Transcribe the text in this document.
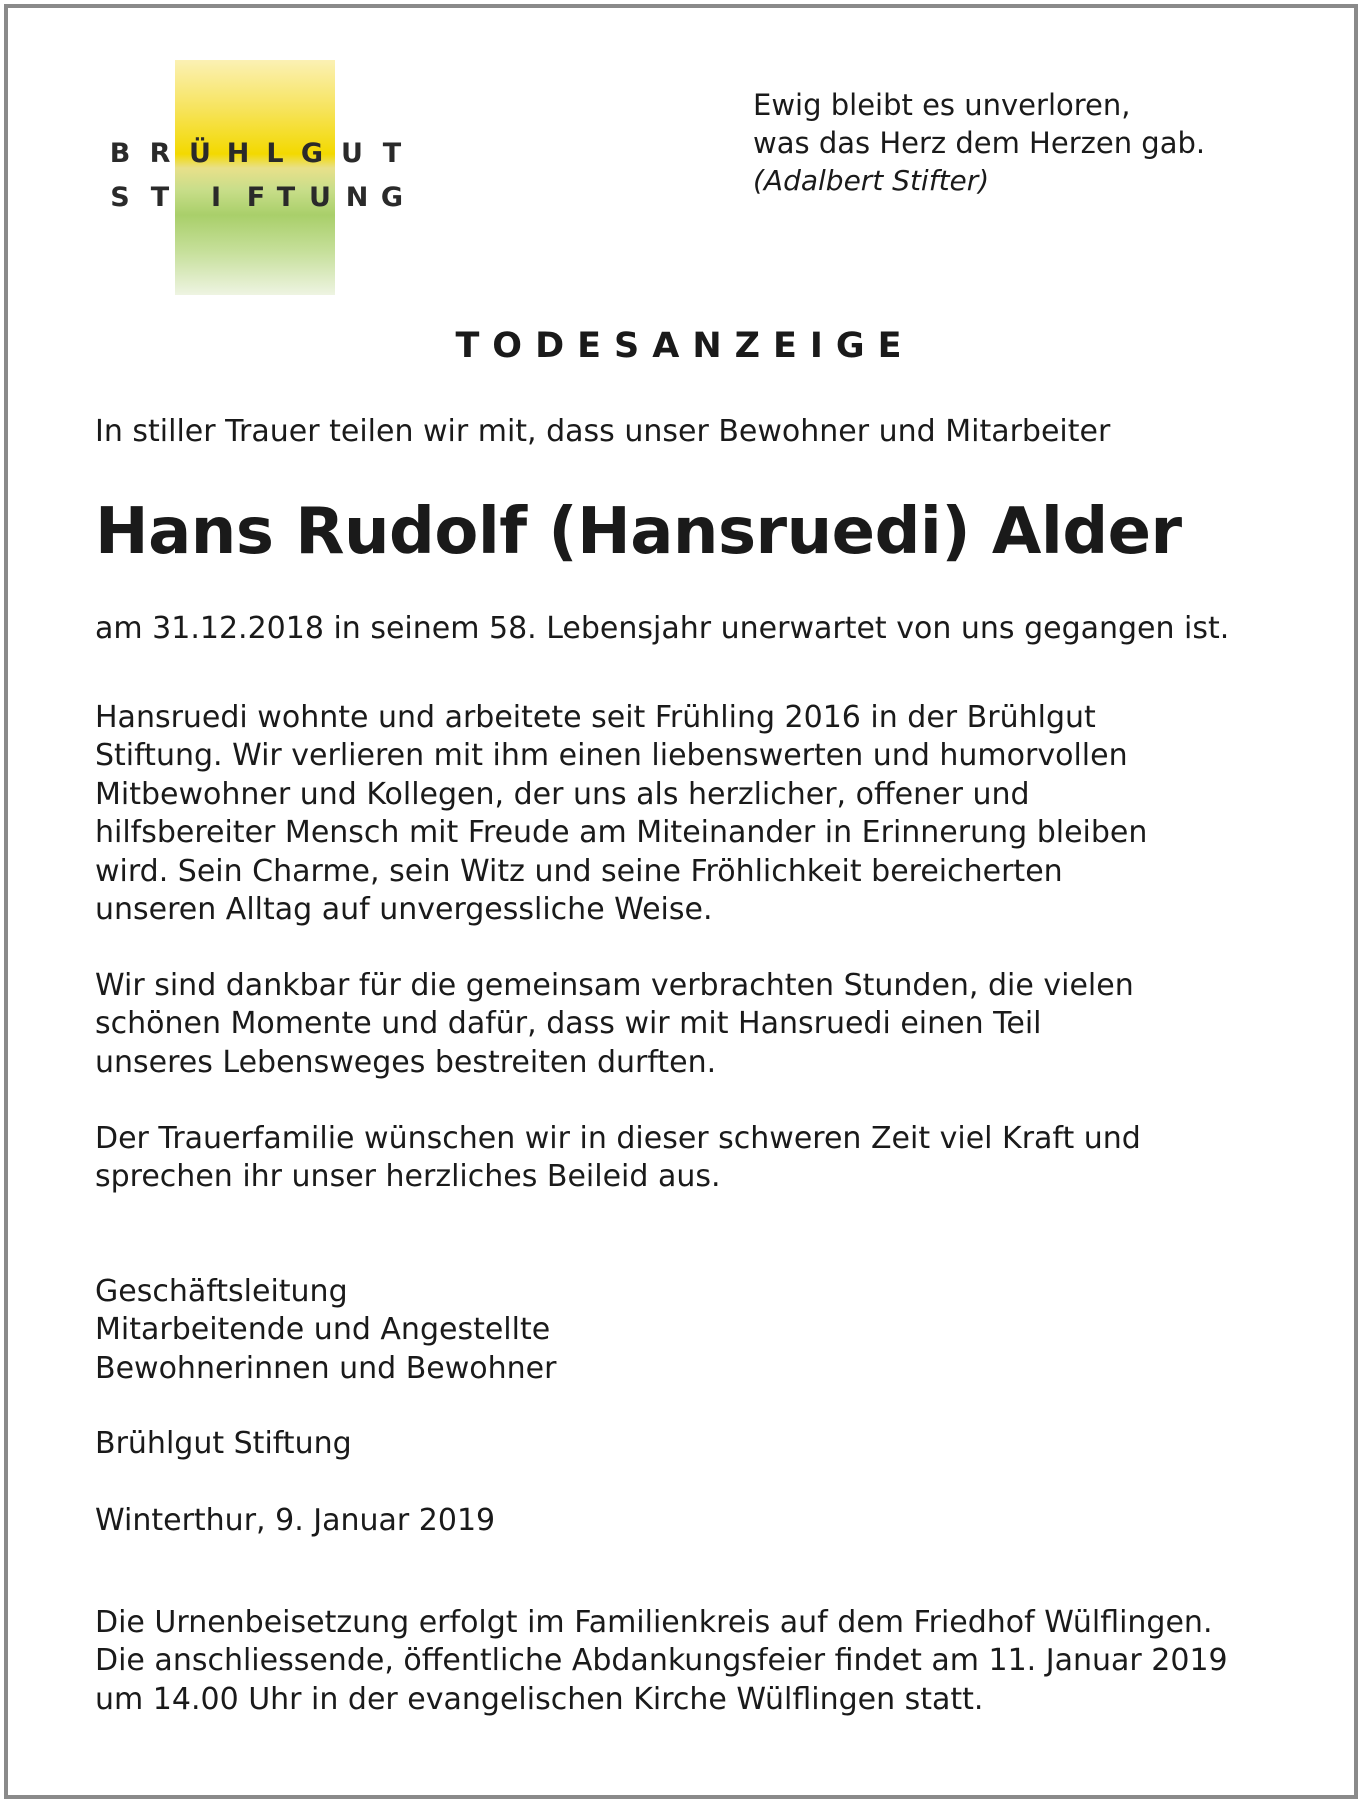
B R Ü H L G U T
S T	I F T U N G
Ewig bleibt es unverloren,
was das Herz dem Herzen gab.
(Adalbert Stifter)
TODESANZEIGE
In stiller Trauer teilen wir mit, dass unser Bewohner und Mitarbeiter
Hans Rudolf (Hansruedi) Alder
am 31.12.2018 in seinem 58. Lebensjahr unerwartet von uns gegangen ist.
Hansruedi wohnte und arbeitete seit Frühling 2016 in der Brühlgut
Stiftung. Wir verlieren mit ihm einen liebenswerten und humorvollen
Mitbewohner und Kollegen, der uns als herzlicher, offener und
hilfsbereiter Mensch mit Freude am Miteinander in Erinnerung bleiben
wird. Sein Charme, sein Witz und seine Fröhlichkeit bereicherten
unseren Alltag auf unvergessliche Weise.
Wir sind dankbar für die gemeinsam verbrachten Stunden, die vielen
schönen Momente und dafür, dass wir mit Hansruedi einen Teil
unseres Lebensweges bestreiten durften.
Der Trauerfamilie wünschen wir in dieser schweren Zeit viel Kraft und
sprechen ihr unser herzliches Beileid aus.
Geschäftsleitung
Mitarbeitende und Angestellte
Bewohnerinnen und Bewohner
Brühlgut Stiftung
Winterthur, 9. Januar 2019
Die Urnenbeisetzung erfolgt im Familienkreis auf dem Friedhof Wülflingen.
Die anschliessende, öffentliche Abdankungsfeier findet am 11. Januar 2019
um 14.00 Uhr in der evangelischen Kirche Wülflingen statt.
